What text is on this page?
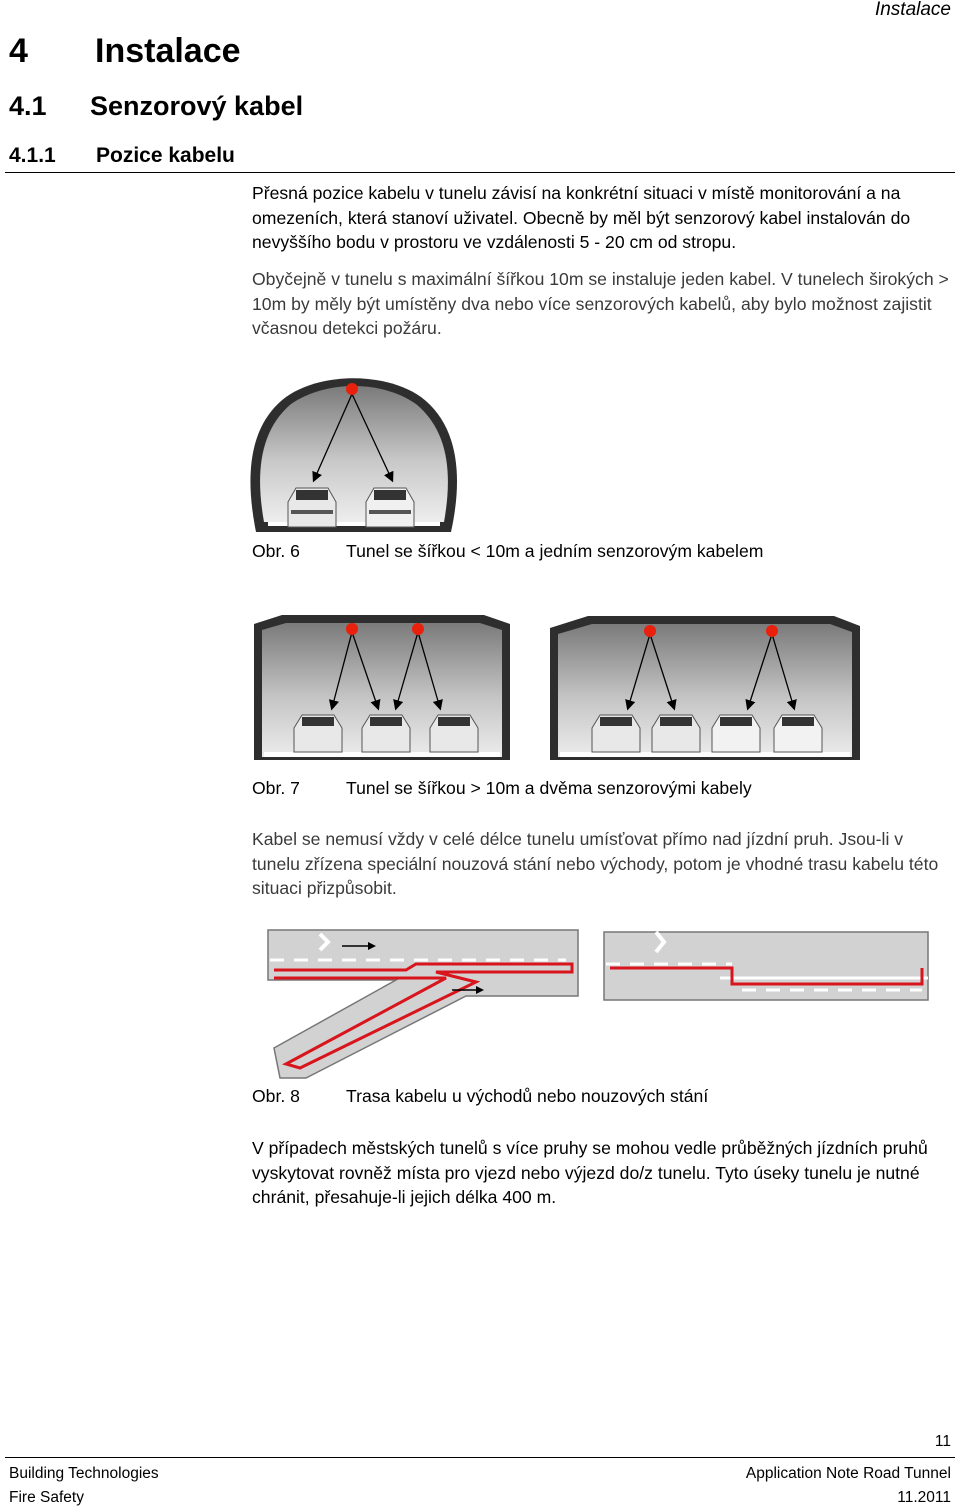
Instalace
4 Instalace
4.1 Senzorový kabel
4.1.1 Pozice kabelu
Přesná pozice kabelu v tunelu závisí na konkrétní situaci v místě monitorování a na omezeních, která stanoví uživatel. Obecně by měl být senzorový kabel instalován do nevyššího bodu v prostoru ve vzdálenosti 5 - 20 cm od stropu.
Obyčejně v tunelu s maximální šířkou 10m se instaluje jeden kabel. V tunelech širokých > 10m by měly být umístěny dva nebo více senzorových kabelů, aby bylo možnost zajistit včasnou detekci požáru.
Obr. 6	Tunel se šířkou < 10m a jedním senzorovým kabelem
Obr. 7	Tunel se šířkou > 10m a dvěma senzorovými kabely
Kabel se nemusí vždy v celé délce tunelu umísťovat přímo nad jízdní pruh. Jsou-li v tunelu zřízena speciální nouzová stání nebo východy, potom je vhodné trasu kabelu této situaci přizpůsobit.
Obr. 8	Trasa kabelu u východů nebo nouzových stání
V případech městských tunelů s více pruhy se mohou vedle průběžných jízdních pruhů vyskytovat rovněž místa pro vjezd nebo výjezd do/z tunelu. Tyto úseky tunelu je nutné chránit, přesahuje-li jejich délka 400 m.
11
Building Technologies
Fire Safety
Application Note Road Tunnel
11.2011
